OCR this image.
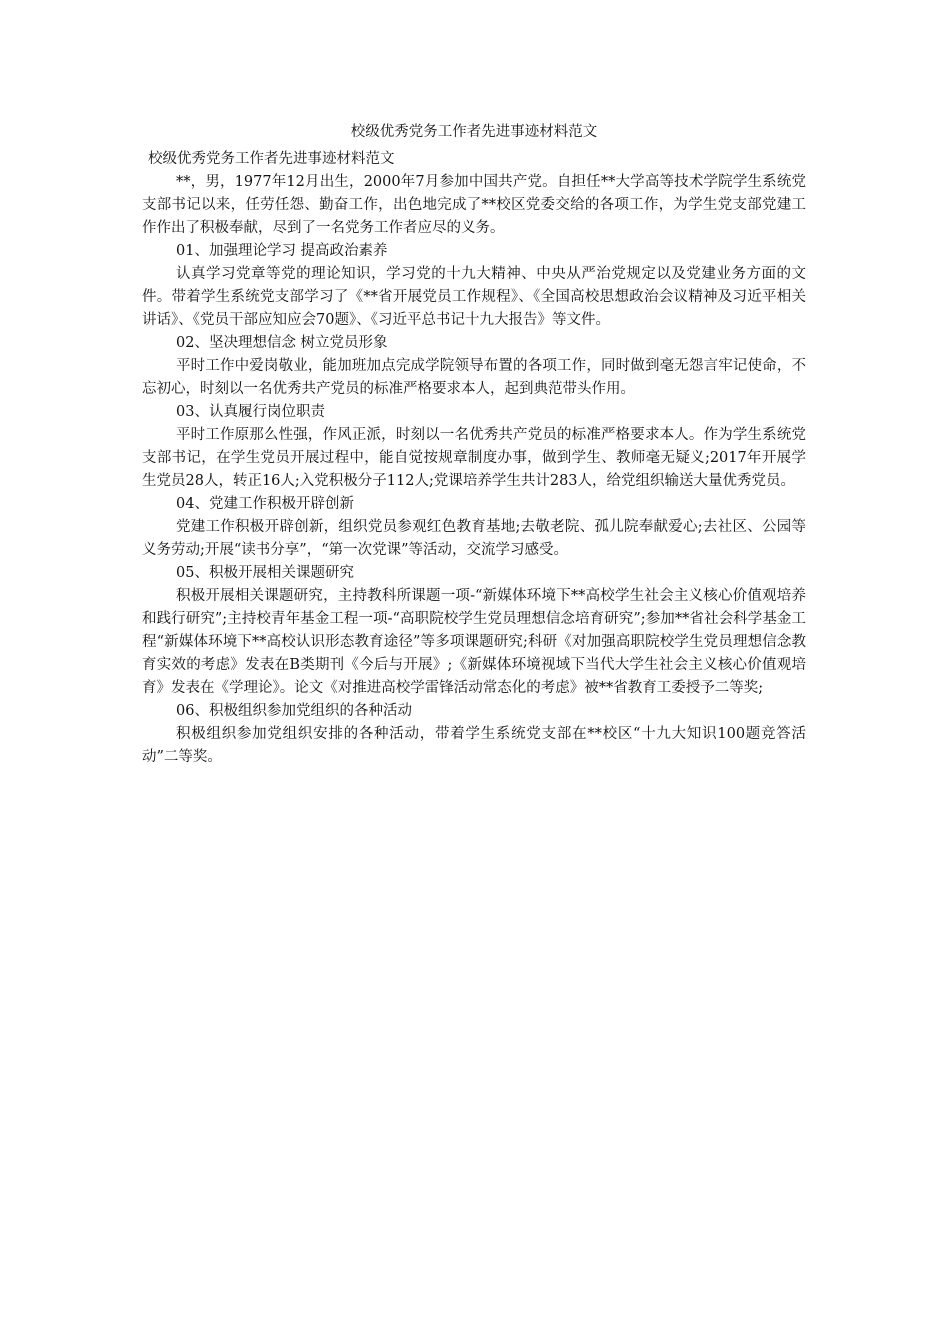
校级优秀党务工作者先进事迹材料范文
校级优秀党务工作者先进事迹材料范文

**，男，1977年12月出生，2000年7月参加中国共产党。自担任**大学高等技术学院学生系统党支部书记以来，任劳任怨、勤奋工作，出色地完成了**校区党委交给的各项工作，为学生党支部党建工作作出了积极奉献，尽到了一名党务工作者应尽的义务。

01、加强理论学习 提高政治素养

认真学习党章等党的理论知识，学习党的十九大精神、中央从严治党规定以及党建业务方面的文件。带着学生系统党支部学习了《**省开展党员工作规程》、《全国高校思想政治会议精神及习近平相关讲话》、《党员干部应知应会70题》、《习近平总书记十九大报告》等文件。

02、坚决理想信念 树立党员形象

平时工作中爱岗敬业，能加班加点完成学院领导布置的各项工作，同时做到毫无怨言牢记使命，不忘初心，时刻以一名优秀共产党员的标准严格要求本人，起到典范带头作用。

03、认真履行岗位职责

平时工作原那么性强，作风正派，时刻以一名优秀共产党员的标准严格要求本人。作为学生系统党支部书记，在学生党员开展过程中，能自觉按规章制度办事，做到学生、教师毫无疑义;2017年开展学生党员28人，转正16人;入党积极分子112人;党课培养学生共计283人，给党组织输送大量优秀党员。

04、党建工作积极开辟创新

党建工作积极开辟创新，组织党员参观红色教育基地;去敬老院、孤儿院奉献爱心;去社区、公园等义务劳动;开展“读书分享”，“第一次党课”等活动，交流学习感受。

05、积极开展相关课题研究

积极开展相关课题研究，主持教科所课题一项-“新媒体环境下**高校学生社会主义核心价值观培养和践行研究”;主持校青年基金工程一项-“高职院校学生党员理想信念培育研究”;参加**省社会科学基金工程“新媒体环境下**高校认识形态教育途径”等多项课题研究;科研《对加强高职院校学生党员理想信念教育实效的考虑》发表在B类期刊《今后与开展》;《新媒体环境视域下当代大学生社会主义核心价值观培育》发表在《学理论》。论文《对推进高校学雷锋活动常态化的考虑》被**省教育工委授予二等奖;

06、积极组织参加党组织的各种活动

积极组织参加党组织安排的各种活动，带着学生系统党支部在**校区“十九大知识100题竞答活动”二等奖。
